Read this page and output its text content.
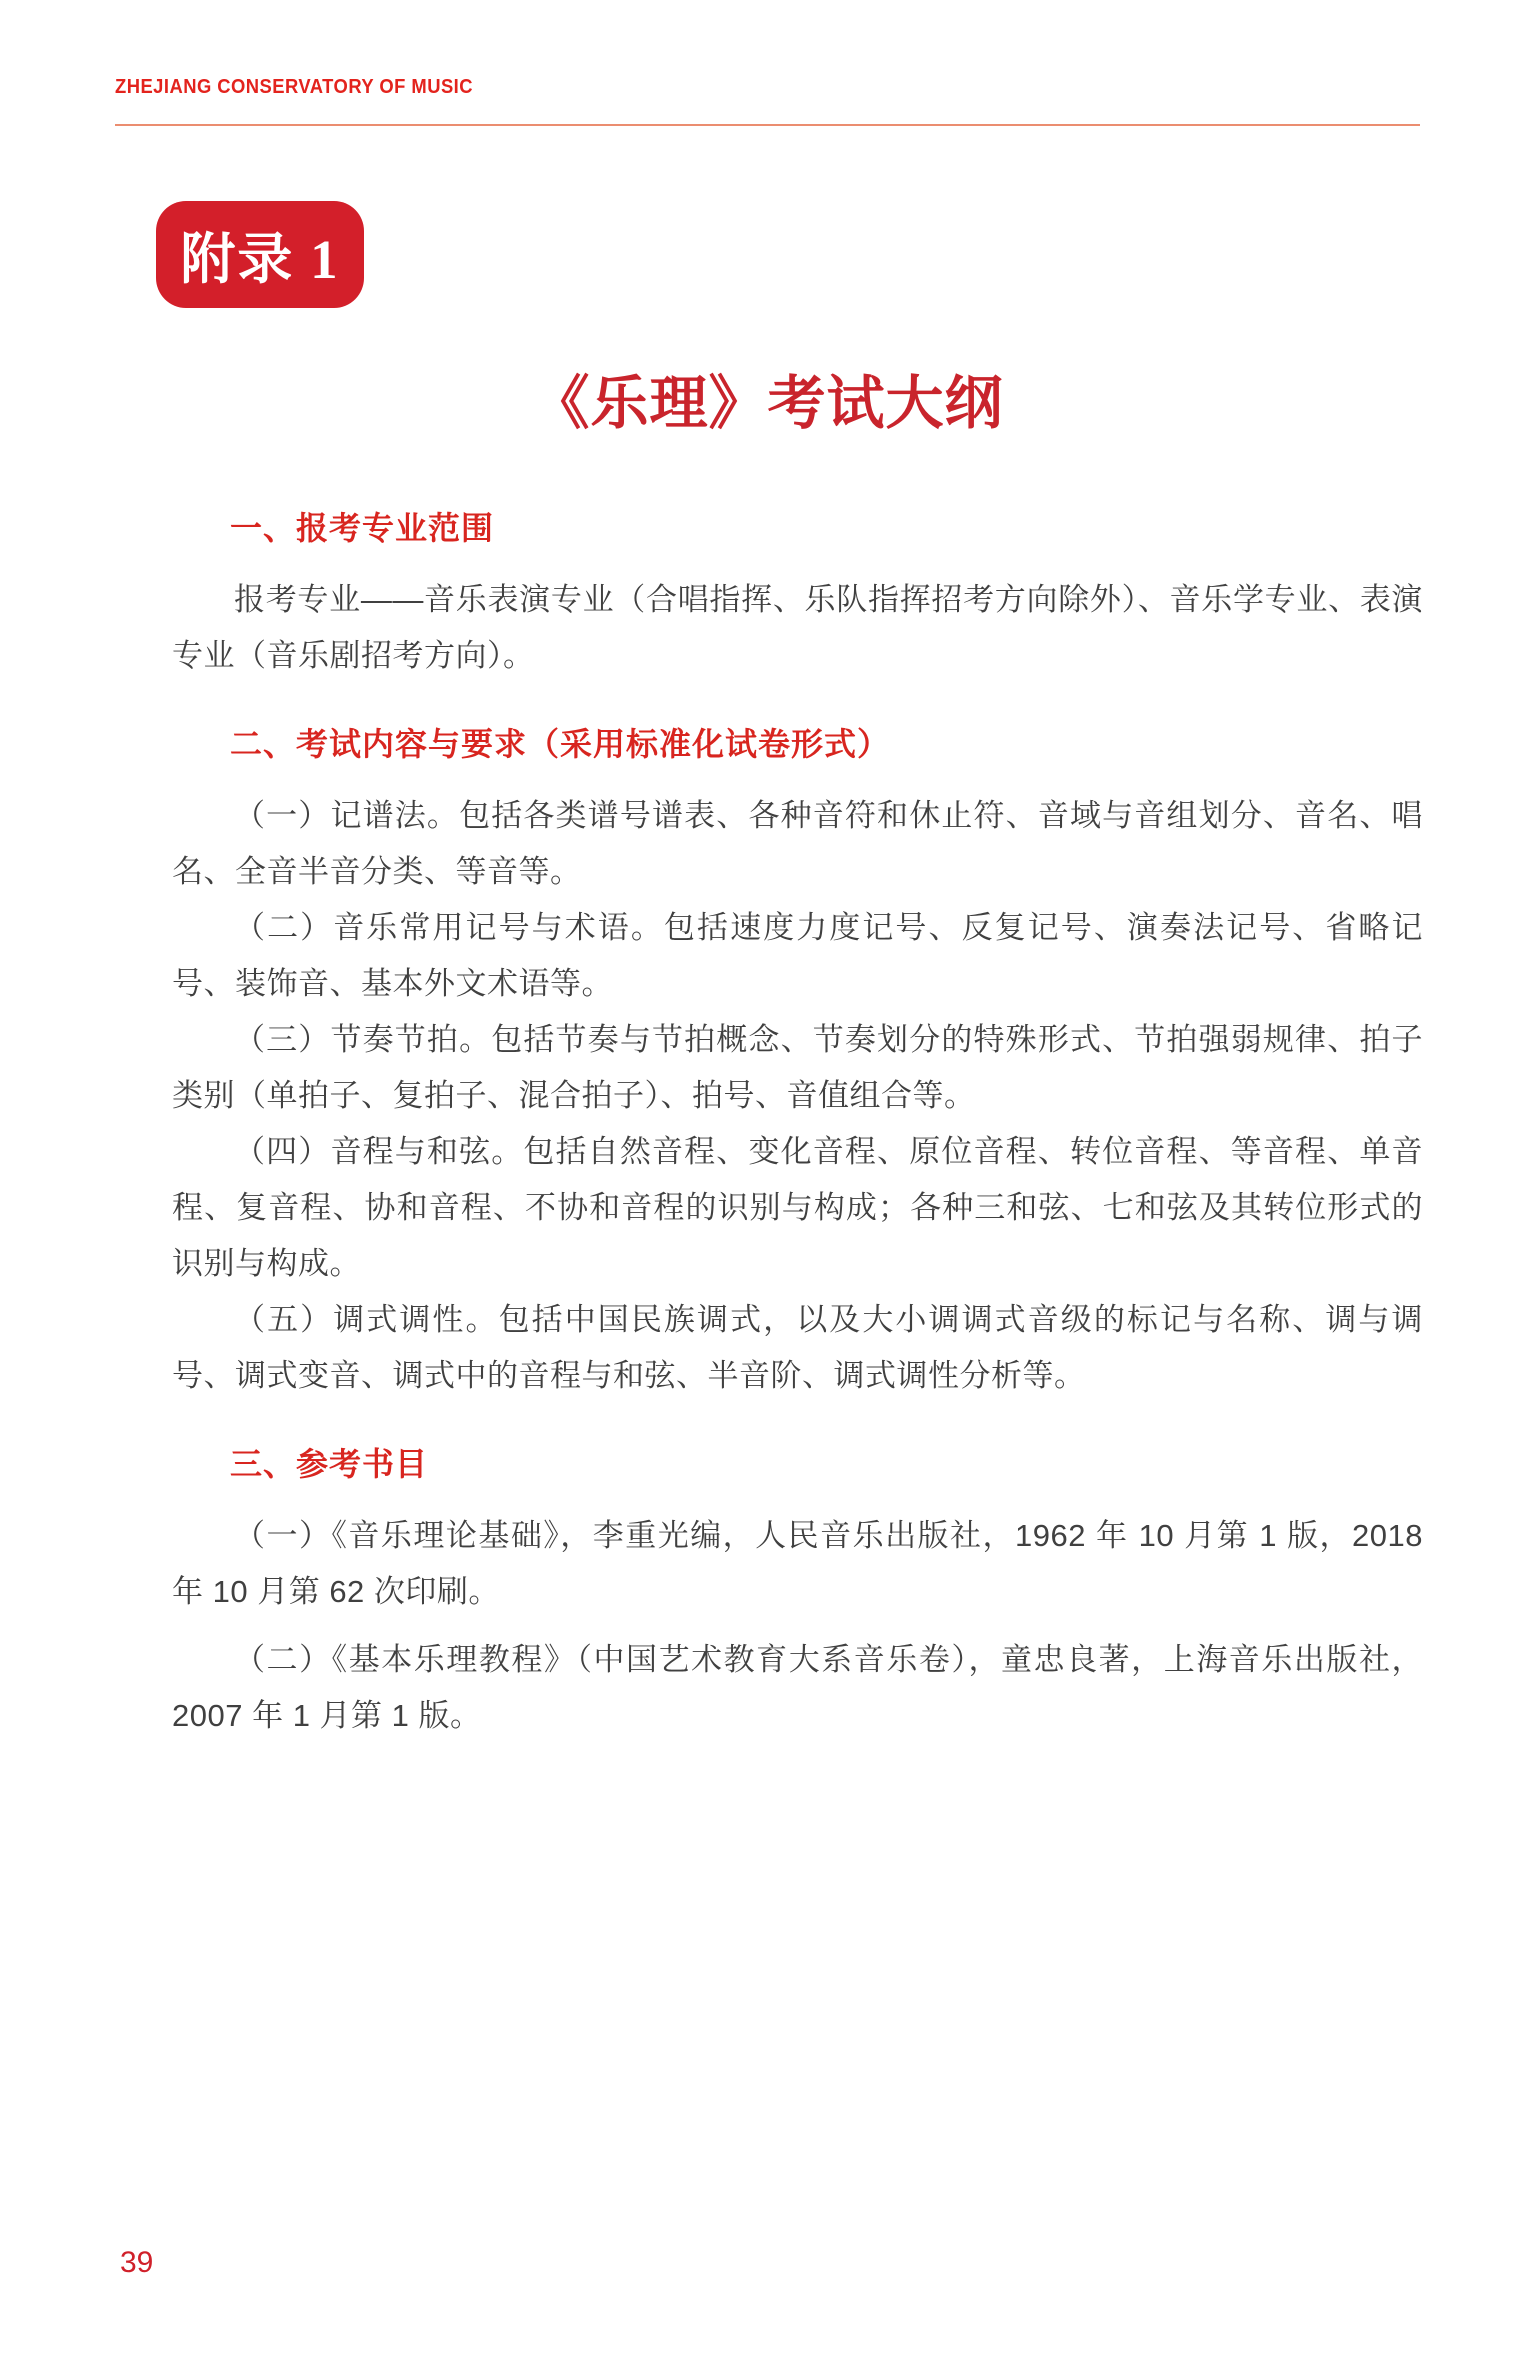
ZHEJIANG CONSERVATORY OF MUSIC
附录 1
《乐理》考试大纲
一、报考专业范围

报考专业——音乐表演专业（合唱指挥、乐队指挥招考方向除外）、音乐学专业、表演专业（音乐剧招考方向）。

二、考试内容与要求（采用标准化试卷形式）

（一）记谱法。包括各类谱号谱表、各种音符和休止符、音域与音组划分、音名、唱名、全音半音分类、等音等。

（二）音乐常用记号与术语。包括速度力度记号、反复记号、演奏法记号、省略记号、装饰音、基本外文术语等。

（三）节奏节拍。包括节奏与节拍概念、节奏划分的特殊形式、节拍强弱规律、拍子类别（单拍子、复拍子、混合拍子）、拍号、音值组合等。

（四）音程与和弦。包括自然音程、变化音程、原位音程、转位音程、等音程、单音程、复音程、协和音程、不协和音程的识别与构成；各种三和弦、七和弦及其转位形式的识别与构成。

（五）调式调性。包括中国民族调式，以及大小调调式音级的标记与名称、调与调号、调式变音、调式中的音程与和弦、半音阶、调式调性分析等。

三、参考书目

（一）《音乐理论基础》，李重光编，人民音乐出版社，1962 年 10 月第 1 版，2018 年 10 月第 62 次印刷。

（二）《基本乐理教程》（中国艺术教育大系音乐卷），童忠良著，上海音乐出版社，2007 年 1 月第 1 版。

39
